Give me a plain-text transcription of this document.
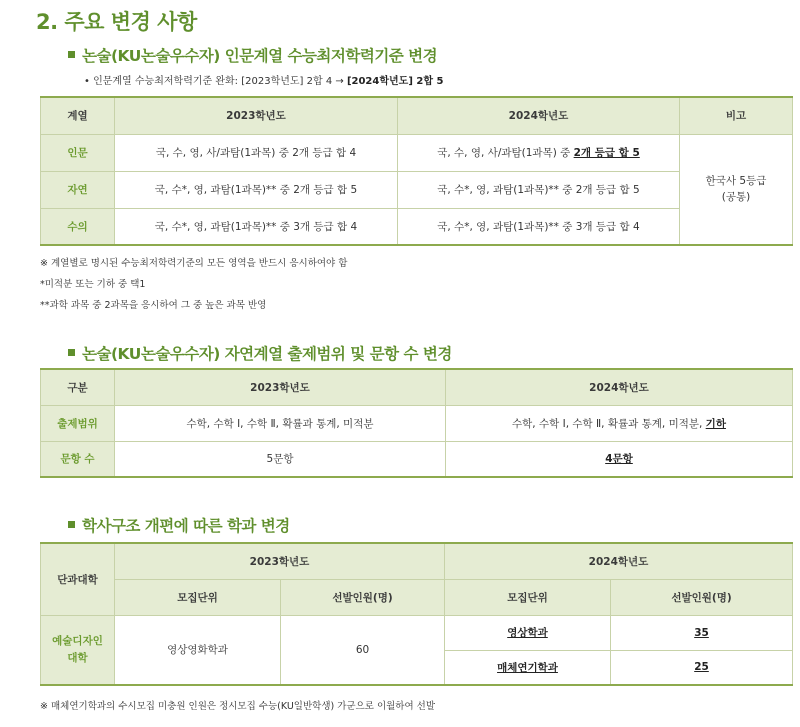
2. 주요 변경 사항
논술(KU논술우수자) 인문계열 수능최저학력기준 변경
• 인문계열 수능최저학력기준 완화: [2023학년도] 2합 4 → [2024학년도] 2합 5
계열	2023학년도	2024학년도	비고
인문	국, 수, 영, 사/과탐(1과목) 중 2개 등급 합 4	국, 수, 영, 사/과탐(1과목) 중 2개 등급 합 5	한국사 5등급
(공통)
자연	국, 수*, 영, 과탐(1과목)** 중 2개 등급 합 5	국, 수*, 영, 과탐(1과목)** 중 2개 등급 합 5	
수의	국, 수*, 영, 과탐(1과목)** 중 3개 등급 합 4	국, 수*, 영, 과탐(1과목)** 중 3개 등급 합 4	
※ 계열별로 명시된 수능최저학력기준의 모든 영역을 반드시 응시하여야 함
*미적분 또는 기하 중 택1
**과학 과목 중 2과목을 응시하여 그 중 높은 과목 반영
논술(KU논술우수자) 자연계열 출제범위 및 문항 수 변경
구분	2023학년도	2024학년도
출제범위	수학, 수학 Ⅰ, 수학 Ⅱ, 확률과 통계, 미적분	수학, 수학 Ⅰ, 수학 Ⅱ, 확률과 통계, 미적분, 기하
문항 수	5문항	4문항
학사구조 개편에 따른 학과 변경
단과대학	2023학년도		2024학년도	
	모집단위	선발인원(명)	모집단위	선발인원(명)
예술디자인대학	영상영화학과	60	영상학과	35
			매체연기학과	25
※ 매체연기학과의 수시모집 미충원 인원은 정시모집 수능(KU일반학생) 가군으로 이월하여 선발
